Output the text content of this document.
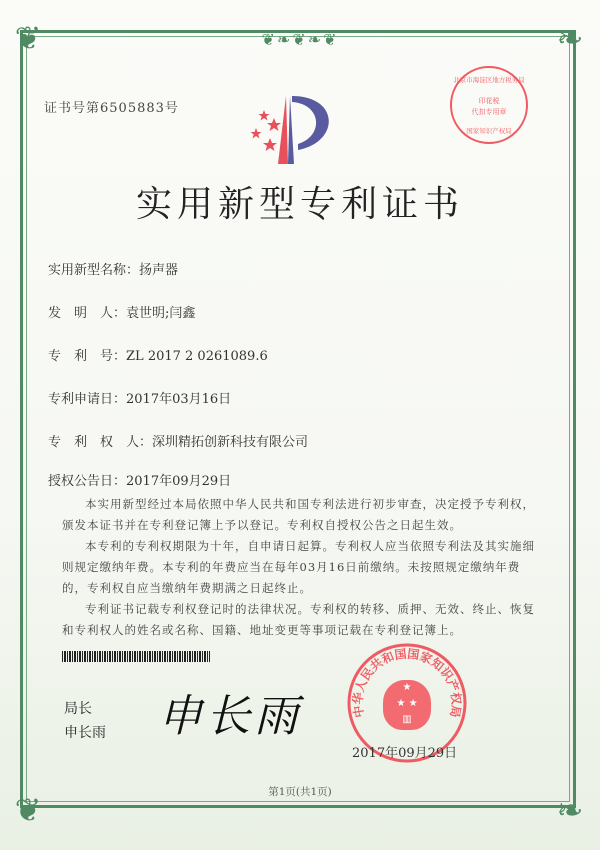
❦❧❦❧❦
❦	❧
❦	❧
证书号第6505883号
北京市海淀区地方税务局
印花税
代扣专用章
国家知识产权局
实用新型专利证书
实用新型名称：扬声器
发　明　人：袁世明;闫鑫
专　利　号：ZL 2017 2 0261089.6
专利申请日：2017年03月16日
专　利　权　人：深圳精拓创新科技有限公司
授权公告日：2017年09月29日

本实用新型经过本局依照中华人民共和国专利法进行初步审查，决定授予专利权，颁发本证书并在专利登记簿上予以登记。专利权自授权公告之日起生效。

本专利的专利权期限为十年，自申请日起算。专利权人应当依照专利法及其实施细则规定缴纳年费。本专利的年费应当在每年03月16日前缴纳。未按照规定缴纳年费的，专利权自应当缴纳年费期满之日起终止。

专利证书记载专利权登记时的法律状况。专利权的转移、质押、无效、终止、恢复和专利权人的姓名或名称、国籍、地址变更等事项记载在专利登记簿上。

局长
申长雨 申长雨	中华人民共和国国家知识产权局
★
★ ★
▥
2017年09月29日
第1页(共1页)
